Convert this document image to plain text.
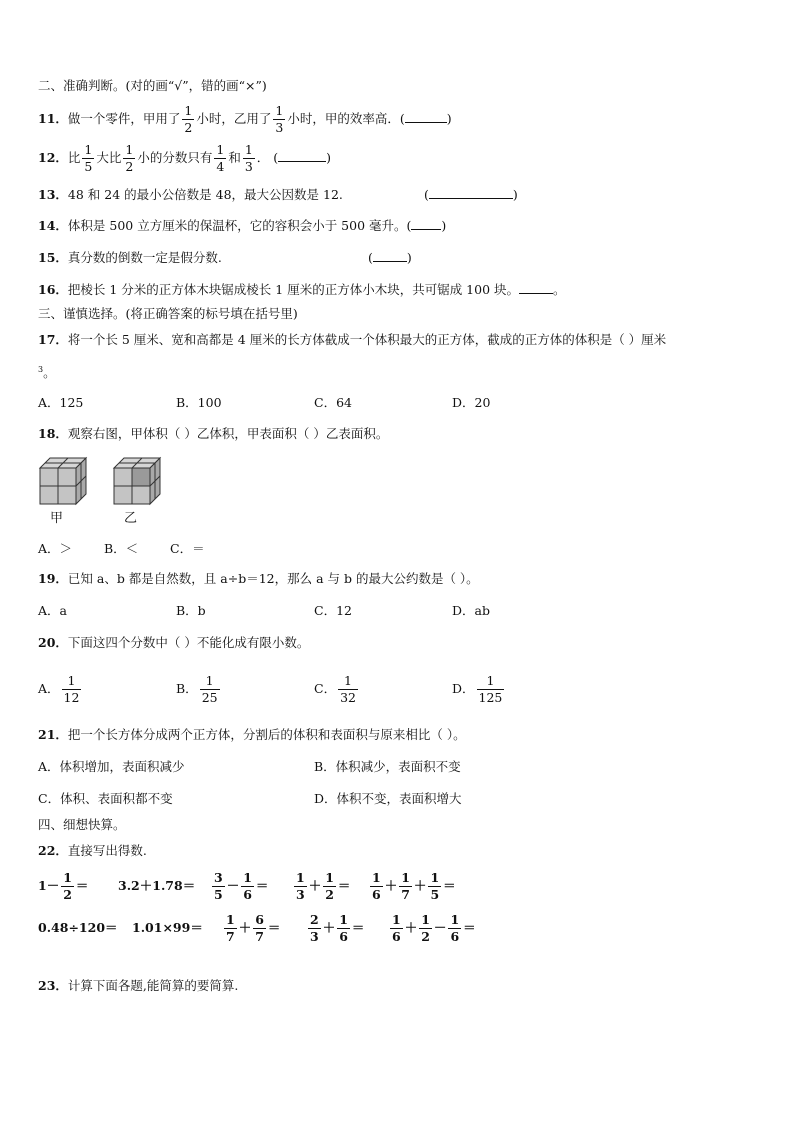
二、准确判断。(对的画“√”，错的画“×”)
11．做一个零件，甲用了 $\frac{1}{2}$ 小时，乙用了 $\frac{1}{3}$ 小时，甲的效率高．(	)
12．比 $\frac{1}{5}$ 大比 $\frac{1}{2}$ 小的分数只有 $\frac{1}{4}$ 和 $\frac{1}{3}$ ． (	)
13．48 和 24 的最小公倍数是 48，最大公因数是 12.	(	)
14．体积是 500 立方厘米的保温杯，它的容积会小于 500 毫升。( )
15．真分数的倒数一定是假分数.	(	)
16．把棱长 1 分米的正方体木块锯成棱长 1 厘米的正方体小木块，共可锯成 100 块。	。
三、谨慎选择。(将正确答案的标号填在括号里)
17．将一个长 5 厘米、宽和高都是 4 厘米的长方体截成一个体积最大的正方体，截成的正方体的体积是（ ）厘米
$^3$。
A．125	B．100	C．64	D．20
18．观察右图，甲体积（ ）乙体积，甲表面积（ ）乙表面积。
甲	乙
A．＞	B．＜	C．＝
19．已知 a、b 都是自然数，且 a÷b＝12，那么 a 与 b 的最大公约数是（ ）。
A．a	B．b	C．12	D．ab
20．下面这四个分数中（ ）不能化成有限小数。
A． $\frac{1}{12}$	B． $\frac{1}{25}$	C． $\frac{1}{32}$	D． $\frac{1}{125}$
21．把一个长方体分成两个正方体，分割后的体积和表面积与原来相比（ ）。
A．体积增加，表面积减少	B．体积减少，表面积不变
C．体积、表面积都不变	D．体积不变，表面积增大
四、细想快算。
22．直接写出得数.
$1- \frac{1}{2} = 3.2+1.78= \frac{3}{5} - \frac{1}{6} = \frac{1}{3} + \frac{1}{2} = \frac{1}{6} + \frac{1}{7} + \frac{1}{5}$ ＝
$0.48\div 120= 1.01\times 99= \frac{1}{7} + \frac{6}{7} = \frac{2}{3} + \frac{1}{6} = \frac{1}{6} + \frac{1}{2} - \frac{1}{6}$ ＝
23．计算下面各题,能简算的要简算.
